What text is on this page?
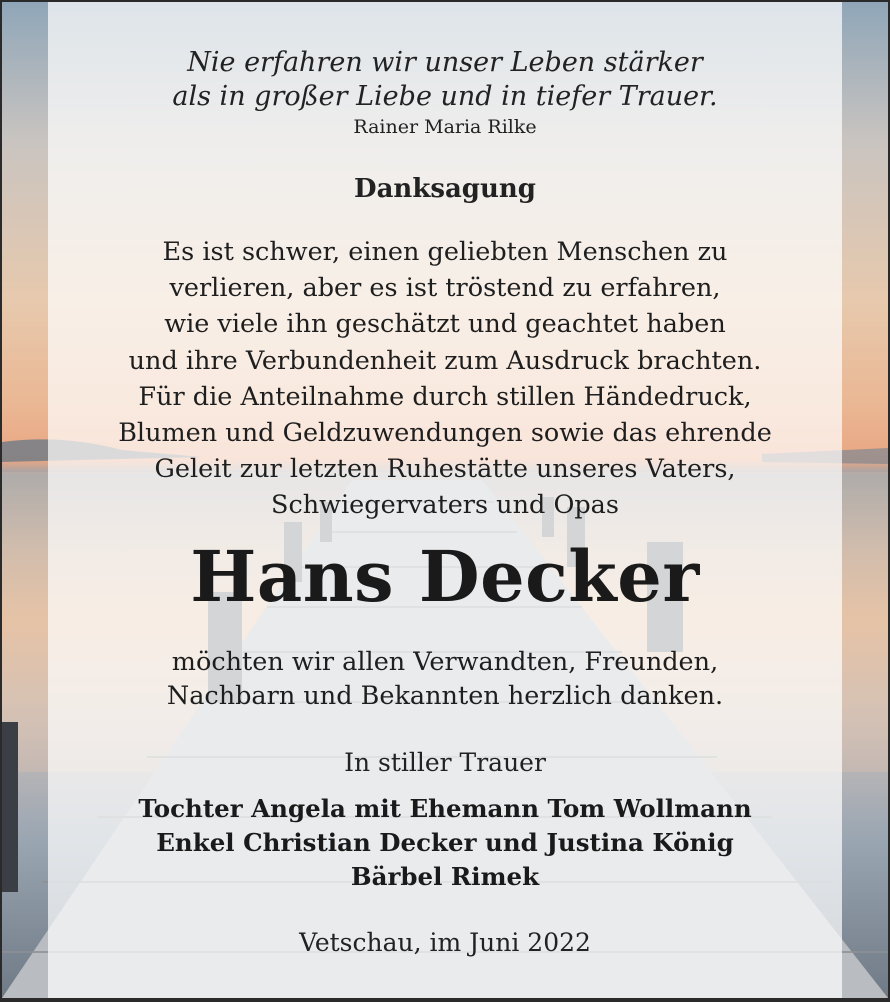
Nie erfahren wir unser Leben stärker
als in großer Liebe und in tiefer Trauer.
Rainer Maria Rilke
Danksagung
Es ist schwer, einen geliebten Menschen zu
verlieren, aber es ist tröstend zu erfahren,
wie viele ihn geschätzt und geachtet haben
und ihre Verbundenheit zum Ausdruck brachten.
Für die Anteilnahme durch stillen Händedruck,
Blumen und Geldzuwendungen sowie das ehrende
Geleit zur letzten Ruhestätte unseres Vaters,
Schwiegervaters und Opas
Hans Decker
möchten wir allen Verwandten, Freunden,
Nachbarn und Bekannten herzlich danken.
In stiller Trauer
Tochter Angela mit Ehemann Tom Wollmann
Enkel Christian Decker und Justina König
Bärbel Rimek
Vetschau, im Juni 2022
